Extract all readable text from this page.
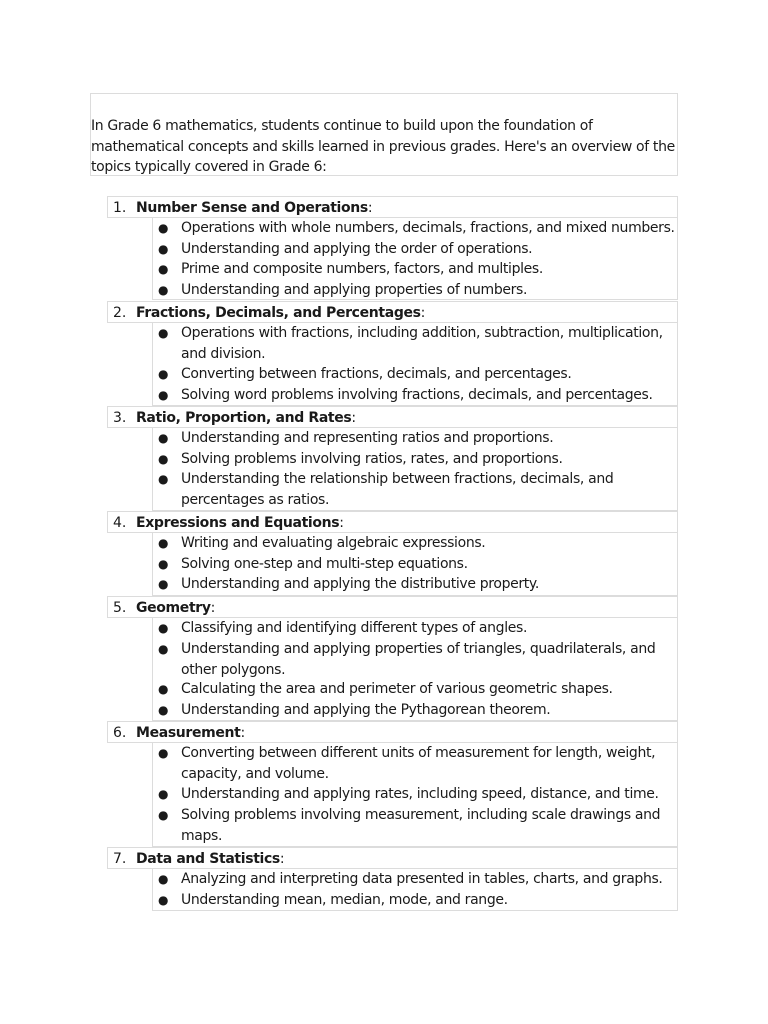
In Grade 6 mathematics, students continue to build upon the foundation of mathematical concepts and skills learned in previous grades. Here's an overview of the topics typically covered in Grade 6:

1. Number Sense and Operations:
● Operations with whole numbers, decimals, fractions, and mixed numbers.
● Understanding and applying the order of operations.
● Prime and composite numbers, factors, and multiples.
● Understanding and applying properties of numbers.
2. Fractions, Decimals, and Percentages:
● Operations with fractions, including addition, subtraction, multiplication, and division.
● Converting between fractions, decimals, and percentages.
● Solving word problems involving fractions, decimals, and percentages.
3. Ratio, Proportion, and Rates:
● Understanding and representing ratios and proportions.
● Solving problems involving ratios, rates, and proportions.
● Understanding the relationship between fractions, decimals, and percentages as ratios.
4. Expressions and Equations:
● Writing and evaluating algebraic expressions.
● Solving one-step and multi-step equations.
● Understanding and applying the distributive property.
5. Geometry:
● Classifying and identifying different types of angles.
● Understanding and applying properties of triangles, quadrilaterals, and other polygons.
● Calculating the area and perimeter of various geometric shapes.
● Understanding and applying the Pythagorean theorem.
6. Measurement:
● Converting between different units of measurement for length, weight, capacity, and volume.
● Understanding and applying rates, including speed, distance, and time.
● Solving problems involving measurement, including scale drawings and maps.
7. Data and Statistics:
● Analyzing and interpreting data presented in tables, charts, and graphs.
● Understanding mean, median, mode, and range.
